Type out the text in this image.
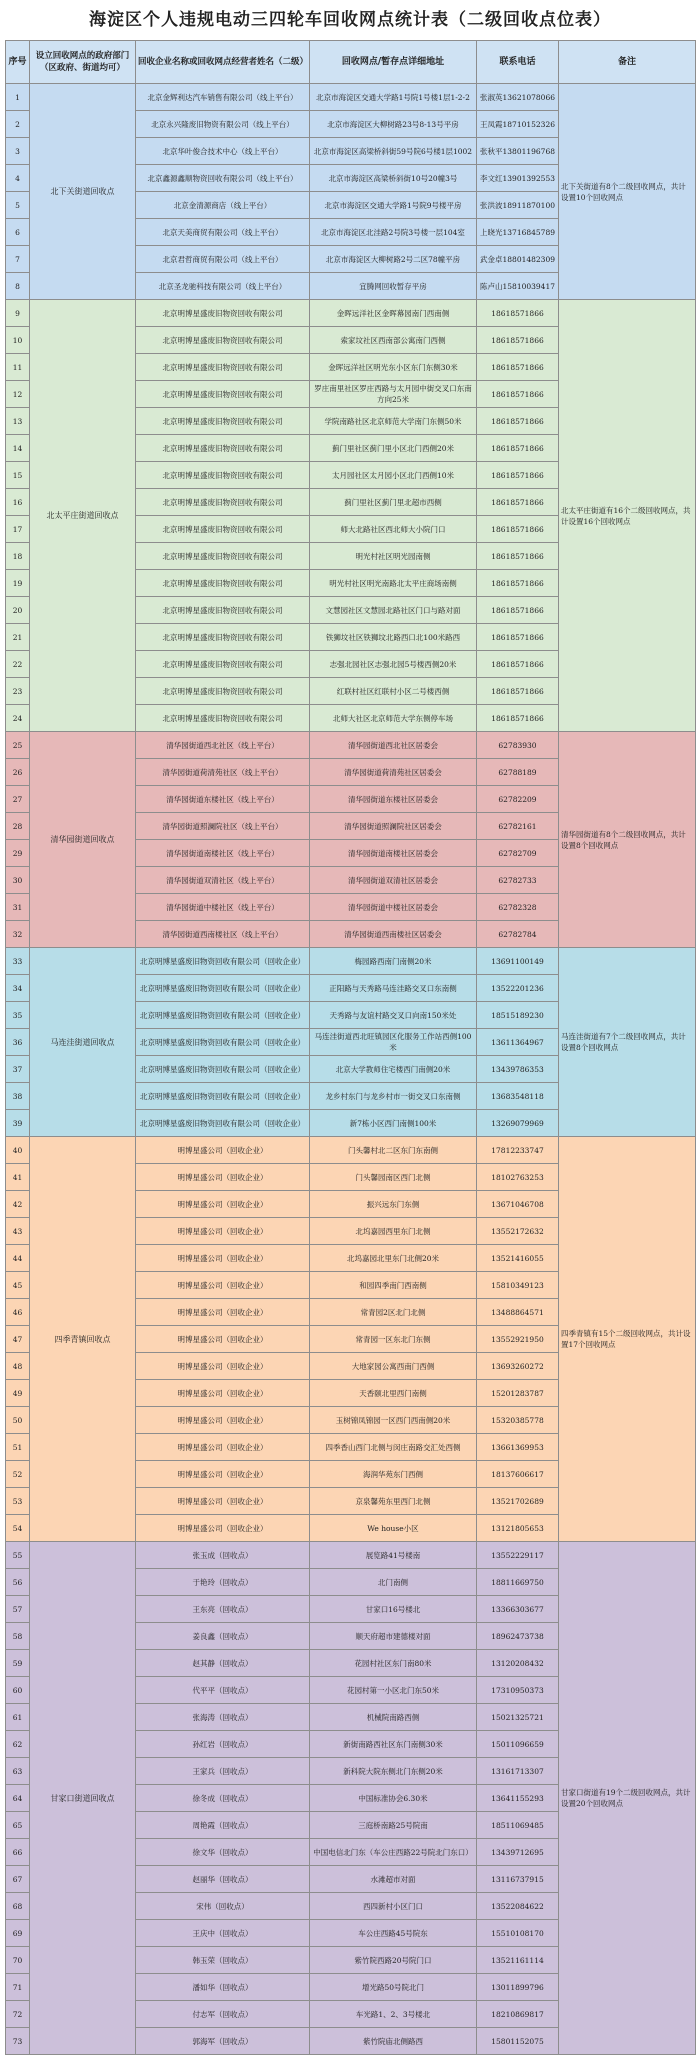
海淀区个人违规电动三四轮车回收网点统计表（二级回收点位表）
序号	设立回收网点的政府部门（区政府、街道均可）	回收企业名称或回收网点经营者姓名（二级）	回收网点/暂存点详细地址	联系电话	备注
1	北下关街道回收点	北京金辉利达汽车销售有限公司（线上平台）	北京市海淀区交通大学路1号院1号楼1层1-2-2	张淑英13621078066	北下关街道有8个二级回收网点，共计设置10个回收网点
2		北京永兴隆废旧物资有限公司（线上平台）	北京市海淀区大柳树路23号8-13号平房	王凤霞18710152326	
3		北京华叶俊合技术中心（线上平台）	北京市海淀区高梁桥斜街59号院6号楼1层1002	张秋平13801196768	
4		北京鑫源鑫顺物资回收有限公司（线上平台）	北京市海淀区高梁桥斜街10号20幢3号	李文红13901392553	
5		北京金清源商店（线上平台）	北京市海淀区交通大学路1号院9号楼平房	张洪波18911870100	
6		北京天美商贸有限公司（线上平台）	北京市海淀区北洼路2号院3号楼一层104室	上晓光13716845789	
7		北京君哲商贸有限公司（线上平台）	北京市海淀区大柳树路2号二区78幢平房	武金卓18801482309	
8		北京圣龙驰科技有限公司（线上平台）	宜腾网回收暂存平房	陈卢山15810039417	
9	北太平庄街道回收点	北京明博星盛废旧物资回收有限公司	金晖远洋社区金晖幕园南门西南侧	18618571866	北太平庄街道有16个二级回收网点，共计设置16个回收网点
10		北京明博星盛废旧物资回收有限公司	索家坟社区西南部公寓南门西侧	18618571866	
11		北京明博星盛废旧物资回收有限公司	金晖远洋社区明光东小区东门东侧30米	18618571866	
12		北京明博星盛废旧物资回收有限公司	罗庄南里社区罗庄西路与太月园中街交叉口东南方向25米	18618571866	
13		北京明博星盛废旧物资回收有限公司	学院南路社区北京师范大学南门东侧50米	18618571866	
14		北京明博星盛废旧物资回收有限公司	蓟门里社区蓟门里小区北门西侧20米	18618571866	
15		北京明博星盛废旧物资回收有限公司	太月园社区太月园小区北门西侧10米	18618571866	
16		北京明博星盛废旧物资回收有限公司	蓟门里社区蓟门里北超市西侧	18618571866	
17		北京明博星盛废旧物资回收有限公司	师大北路社区西北师大小院门口	18618571866	
18		北京明博星盛废旧物资回收有限公司	明光村社区明光园南侧	18618571866	
19		北京明博星盛废旧物资回收有限公司	明光村社区明光南路北太平庄商场南侧	18618571866	
20		北京明博星盛废旧物资回收有限公司	文慧园社区文慧园北路社区门口与路对面	18618571866	
21		北京明博星盛废旧物资回收有限公司	铁狮坟社区铁狮坟北路西口北100米路西	18618571866	
22		北京明博星盛废旧物资回收有限公司	志强北园社区志强北园5号楼西侧20米	18618571866	
23		北京明博星盛废旧物资回收有限公司	红联村社区红联村小区二号楼西侧	18618571866	
24		北京明博星盛废旧物资回收有限公司	北师大社区北京师范大学东侧停车场	18618571866	
25	清华园街道回收点	清华园街道西北社区（线上平台）	清华园街道西北社区居委会	62783930	清华园街道有8个二级回收网点，共计设置8个回收网点
26		清华园街道荷清苑社区（线上平台）	清华园街道荷清苑社区居委会	62788189	
27		清华园街道东楼社区（线上平台）	清华园街道东楼社区居委会	62782209	
28		清华园街道照澜院社区（线上平台）	清华园街道照澜院社区居委会	62782161	
29		清华园街道南楼社区（线上平台）	清华园街道南楼社区居委会	62782709	
30		清华园街道双清社区（线上平台）	清华园街道双清社区居委会	62782733	
31		清华园街道中楼社区（线上平台）	清华园街道中楼社区居委会	62782328	
32		清华园街道西南楼社区（线上平台）	清华园街道西南楼社区居委会	62782784	
33	马连洼街道回收点	北京明博星盛废旧物资回收有限公司（回收企业）	梅园路西南门南侧20米	13691100149	马连洼街道有7个二级回收网点，共计设置8个回收网点
34		北京明博星盛废旧物资回收有限公司（回收企业）	正阳路与天秀路马连洼路交叉口东南侧	13522201236	
35		北京明博星盛废旧物资回收有限公司（回收企业）	天秀路与友谊村路交叉口向南150米处	18515189230	
36		北京明博星盛废旧物资回收有限公司（回收企业）	马连洼街道西北旺镇园区化服务工作站西侧100米	13611364967	
37		北京明博星盛废旧物资回收有限公司（回收企业）	北京大学教师住宅楼西门南侧20米	13439786353	
38		北京明博星盛废旧物资回收有限公司（回收企业）	龙乡村东门与龙乡村市一街交叉口东南侧	13683548118	
39		北京明博星盛废旧物资回收有限公司（回收企业）	新7栋小区西门南侧100米	13269079969	
40	四季青镇回收点	明博星盛公司（回收企业）	门头馨村北二区东门东南侧	17812233747	四季青镇有15个二级回收网点，共计设置17个回收网点
41		明博星盛公司（回收企业）	门头馨园南区西门北侧	18102763253	
42		明博星盛公司（回收企业）	振兴远东门东侧	13671046708	
43		明博星盛公司（回收企业）	北坞嘉园西里东门北侧	13552172632	
44		明博星盛公司（回收企业）	北坞嘉园北里东门北侧20米	13521416055	
45		明博星盛公司（回收企业）	和园四季南门西南侧	15810349123	
46		明博星盛公司（回收企业）	常青园2区北门北侧	13488864571	
47		明博星盛公司（回收企业）	常青园一区东北门东侧	13552921950	
48		明博星盛公司（回收企业）	大地家园公寓西南门西侧	13693260272	
49		明博星盛公司（回收企业）	天香颐北里西门南侧	15201283787	
50		明博星盛公司（回收企业）	玉树锦凤锦园一区西门西南侧20米	15320385778	
51		明博星盛公司（回收企业）	四季香山西门北侧与闵庄南路交汇处西侧	13661369953	
52		明博星盛公司（回收企业）	海润华苑东门西侧	18137606617	
53		明博星盛公司（回收企业）	京泉馨苑东里西门北侧	13521702689	
54		明博星盛公司（回收企业）	We house小区	13121805653	
55	甘家口街道回收点	张玉成（回收点）	展览路41号楼南	13552229117	甘家口街道有19个二级回收网点，共计设置20个回收网点
56		于艳玲（回收点）	北门南侧	18811669750	
57		王东亮（回收点）	甘家口16号楼北	13366303677	
58		姜良鑫（回收点）	顺天府超市建德楼对面	18962473738	
59		赵其静（回收点）	花园村社区东门南80米	13120208432	
60		代平平（回收点）	花园村第一小区北门东50米	17310950373	
61		张海涛（回收点）	机械院南路西侧	15021325721	
62		孙红岩（回收点）	新街南路西社区东门南侧30米	15011096659	
63		王家兵（回收点）	新科院大院东侧北门东侧20米	13161713307	
64		徐冬成（回收点）	中国标准协会6.30米	13641155293	
65		周艳霞（回收点）	三庭桥南路25号院南	18511069485	
66		徐文华（回收点）	中国电信北门东（车公庄西路22号院北门东口）	13439712695	
67		赵丽华（回收点）	水滩超市对面	13116737915	
68		宋伟（回收点）	西四新村小区门口	13522084622	
69		王庆中（回收点）	车公庄西路45号院东	15510108170	
70		韩玉荣（回收点）	紫竹院西路20号院门口	13521161114	
71		潘如华（回收点）	增光路50号院北门	13011899796	
72		付志军（回收点）	车光路1、2、3号楼北	18210869817	
73		郭海军（回收点）	紫竹院庙北侧路西	15801152075	
